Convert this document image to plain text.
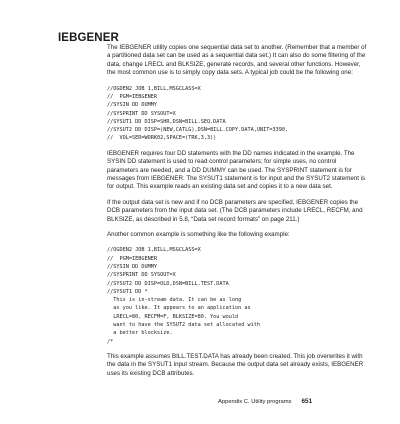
IEBGENER

The IEBGENER utility copies one sequential data set to another. (Remember that a member of a partitioned data set can be used as a sequential data set.) It can also do some filtering of the data, change LRECL and BLKSIZE, generate records, and several other functions. However, the most common use is to simply copy data sets. A typical job could be the following one:

//OGDEN2 JOB 1,BILL,MSGCLASS=X
//  PGM=IEBGENER
//SYSIN DD DUMMY
//SYSPRINT DD SYSOUT=X
//SYSUT1 DD DISP=SHR,DSN=BILL.SEQ.DATA
//SYSUT2 DD DISP=(NEW,CATLG),DSN=BILL.COPY.DATA,UNIT=3390,
//  VOL=SER=WORK02,SPACE=(TRK,3,3))

IEBGENER requires four DD statements with the DD names indicated in the example. The SYSIN DD statement is used to read control parameters; for simple uses, no control parameters are needed, and a DD DUMMY can be used. The SYSPRINT statement is for messages from IEBGENER. The SYSUT1 statement is for input and the SYSUT2 statement is for output. This example reads an existing data set and copies it to a new data set.

If the output data set is new and if no DCB parameters are specified, IEBGENER copies the DCB parameters from the input data set. (The DCB parameters include LRECL, RECFM, and BLKSIZE, as described in 5.8, “Data set record formats” on page 211.)

Another common example is something like the following example:

//OGDEN2 JOB 1,BILL,MSGCLASS=X
//  PGM=IEBGENER
//SYSIN DD DUMMY
//SYSPRINT DD SYSOUT=X
//SYSUT2 DD DISP=OLD,DSN=BILL.TEST.DATA
//SYSUT1 DD *
This is in-stream data. It can be as long
as you like. It appears to an application as
LRECL=80, RECFM=F, BLKSIZE=80. You would
want to have the SYSUT2 data set allocated with
a better blocksize.
/*

This example assumes BILL.TEST.DATA has already been created. This job overwrites it with the data in the SYSUT1 input stream. Because the output data set already exists, IEBGENER uses its existing DCB attributes.

Appendix C. Utility programs 651
